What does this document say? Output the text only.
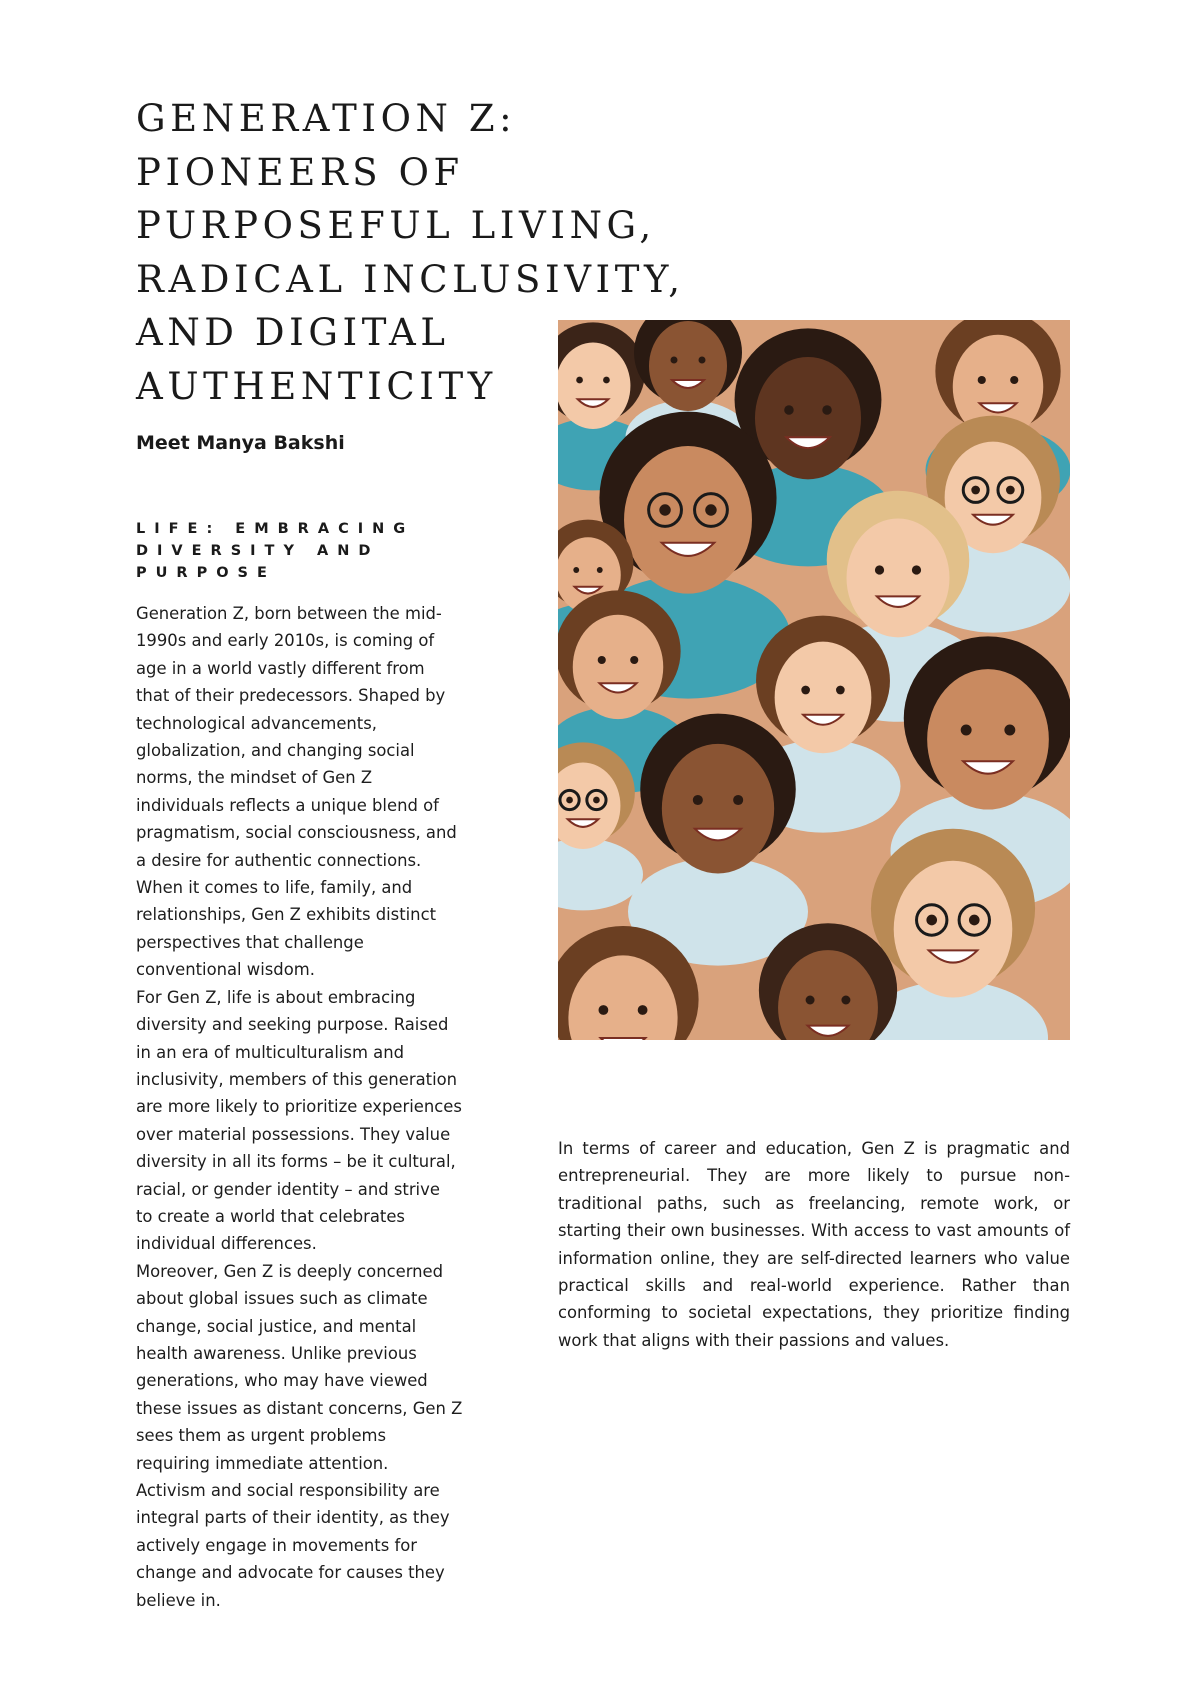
GENERATION Z:
PIONEERS OF
PURPOSEFUL LIVING,
RADICAL INCLUSIVITY,
AND DIGITAL
AUTHENTICITY

Meet Manya Bakshi

LIFE: EMBRACING
DIVERSITY AND
PURPOSE
Generation Z, born between the mid-
1990s and early 2010s, is coming of
age in a world vastly different from
that of their predecessors. Shaped by
technological advancements,
globalization, and changing social
norms, the mindset of Gen Z
individuals reflects a unique blend of
pragmatism, social consciousness, and
a desire for authentic connections.
When it comes to life, family, and
relationships, Gen Z exhibits distinct
perspectives that challenge
conventional wisdom.
For Gen Z, life is about embracing
diversity and seeking purpose. Raised
in an era of multiculturalism and
inclusivity, members of this generation
are more likely to prioritize experiences
over material possessions. They value
diversity in all its forms – be it cultural,
racial, or gender identity – and strive
to create a world that celebrates
individual differences.
Moreover, Gen Z is deeply concerned
about global issues such as climate
change, social justice, and mental
health awareness. Unlike previous
generations, who may have viewed
these issues as distant concerns, Gen Z
sees them as urgent problems
requiring immediate attention.
Activism and social responsibility are
integral parts of their identity, as they
actively engage in movements for
change and advocate for causes they
believe in.

In terms of career and education, Gen Z is pragmatic and entrepreneurial. They are more likely to pursue non-traditional paths, such as freelancing, remote work, or starting their own businesses. With access to vast amounts of information online, they are self-directed learners who value practical skills and real-world experience. Rather than conforming to societal expectations, they prioritize finding work that aligns with their passions and values.
